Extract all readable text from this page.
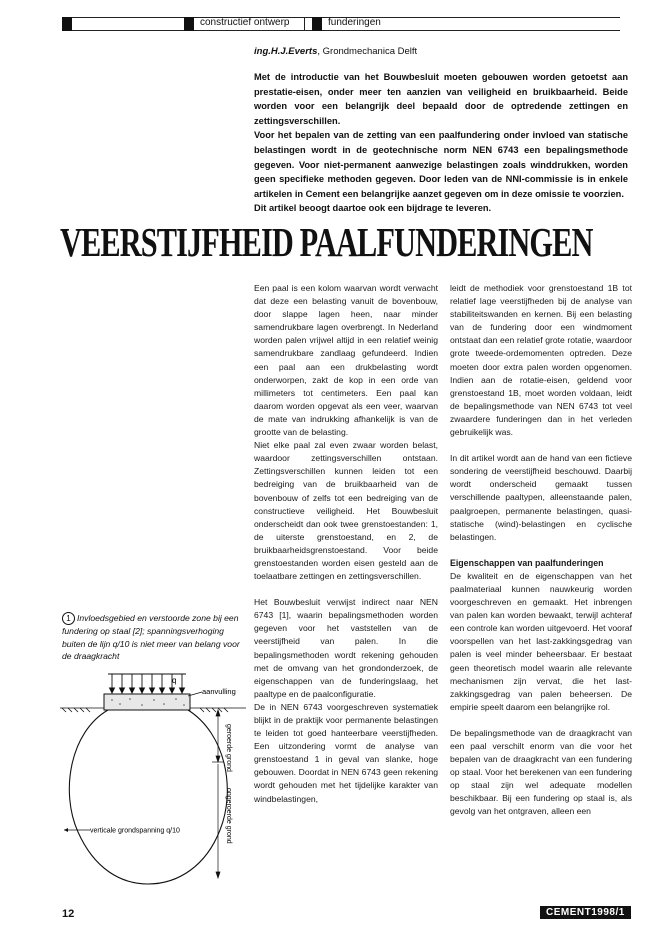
constructief ontwerp	funderingen
ing.H.J.Everts, Grondmechanica Delft

Met de introductie van het Bouwbesluit moeten gebouwen worden getoetst aan prestatie-eisen, onder meer ten aanzien van veiligheid en bruikbaarheid. Beide worden voor een belangrijk deel bepaald door de optredende zettingen en zettingsverschillen.

Voor het bepalen van de zetting van een paalfundering onder invloed van statische belastingen wordt in de geotechnische norm NEN 6743 een bepalingsmethode gegeven. Voor niet-permanent aanwezige belastingen zoals winddrukken, worden geen specifieke methoden gegeven. Door leden van de NNI-commissie is in enkele artikelen in Cement een belangrijke aanzet gegeven om in deze omissie te voorzien.

Dit artikel beoogt daartoe ook een bijdrage te leveren.

VEERSTIJFHEID PAALFUNDERINGEN

Een paal is een kolom waarvan wordt verwacht dat deze een belasting vanuit de bovenbouw, door slappe lagen heen, naar minder samendrukbare lagen overbrengt. In Nederland worden palen vrijwel altijd in een relatief weinig samendrukbare zandlaag gefundeerd. Indien een paal aan een drukbelasting wordt onderworpen, zakt de kop in een orde van millimeters tot centimeters. Een paal kan daarom worden opgevat als een veer, waarvan de mate van indrukking afhankelijk is van de grootte van de belasting.

Niet elke paal zal even zwaar worden belast, waardoor zettingsverschillen ontstaan. Zettingsverschillen kunnen leiden tot een bedreiging van de bruikbaarheid van de bovenbouw of zelfs tot een bedreiging van de constructieve veiligheid. Het Bouwbesluit onderscheidt dan ook twee grenstoestanden: 1, de uiterste grenstoestand, en 2, de bruikbaarheidsgrenstoestand. Voor beide grenstoestanden worden eisen gesteld aan de toelaatbare zettingen en zettingsverschillen.

Het Bouwbesluit verwijst indirect naar NEN 6743 [1], waarin bepalingsmethoden worden gegeven voor het vaststellen van de veerstijfheid van palen. In die bepalingsmethoden wordt rekening gehouden met de omvang van het grondonderzoek, de eigenschappen van de funderingslaag, het paaltype en de paalconfiguratie.

De in NEN 6743 voorgeschreven systematiek blijkt in de praktijk voor permanente belastingen te leiden tot goed hanteerbare veerstijfheden. Een uitzondering vormt de analyse van grenstoestand 1 in geval van slanke, hoge gebouwen. Doordat in NEN 6743 geen rekening wordt gehouden met het tijdelijke karakter van windbelastingen,

leidt de methodiek voor grenstoestand 1B tot relatief lage veerstijfheden bij de analyse van stabiliteitswanden en kernen. Bij een belasting van de fundering door een windmoment ontstaat dan een relatief grote rotatie, waardoor grote tweede-ordemomenten optreden. Deze moeten door extra palen worden opgenomen. Indien aan de rotatie-eisen, geldend voor grenstoestand 1B, moet worden voldaan, leidt de bepalingsmethode van NEN 6743 tot veel zwaardere funderingen dan in het verleden gebruikelijk was.

In dit artikel wordt aan de hand van een fictieve sondering de veerstijfheid beschouwd. Daarbij wordt onderscheid gemaakt tussen verschillende paaltypen, alleenstaande palen, paalgroepen, permanente belastingen, quasi-statische (wind)-belastingen en cyclische belastingen.

Eigenschappen van paalfunderingen

De kwaliteit en de eigenschappen van het paalmateriaal kunnen nauwkeurig worden voorgeschreven en gemaakt. Het inbrengen van palen kan worden bewaakt, terwijl achteraf een controle kan worden uitgevoerd. Het vooraf voorspellen van het last-zakkingsgedrag van palen is veel minder beheersbaar. Er bestaat geen theoretisch model waarin alle relevante mechanismen zijn vervat, die het last-zakkingsgedrag van palen beheersen. De empirie speelt daarom een belangrijke rol.

De bepalingsmethode van de draagkracht van een paal verschilt enorm van die voor het bepalen van de draagkracht van een fundering op staal. Voor het berekenen van een fundering op staal zijn wel adequate modellen beschikbaar. Bij een fundering op staal is, als gevolg van het ontgraven, alleen een

1 Invloedsgebied en verstoorde zone bij een fundering op staal [2]; spanningsverhoging buiten de lijn q/10 is niet meer van belang voor de draagkracht
q
aanvulling
geroerde grond
ongeroerde grond
verticale grondspanning q/10
12	CEMENT1998/1
